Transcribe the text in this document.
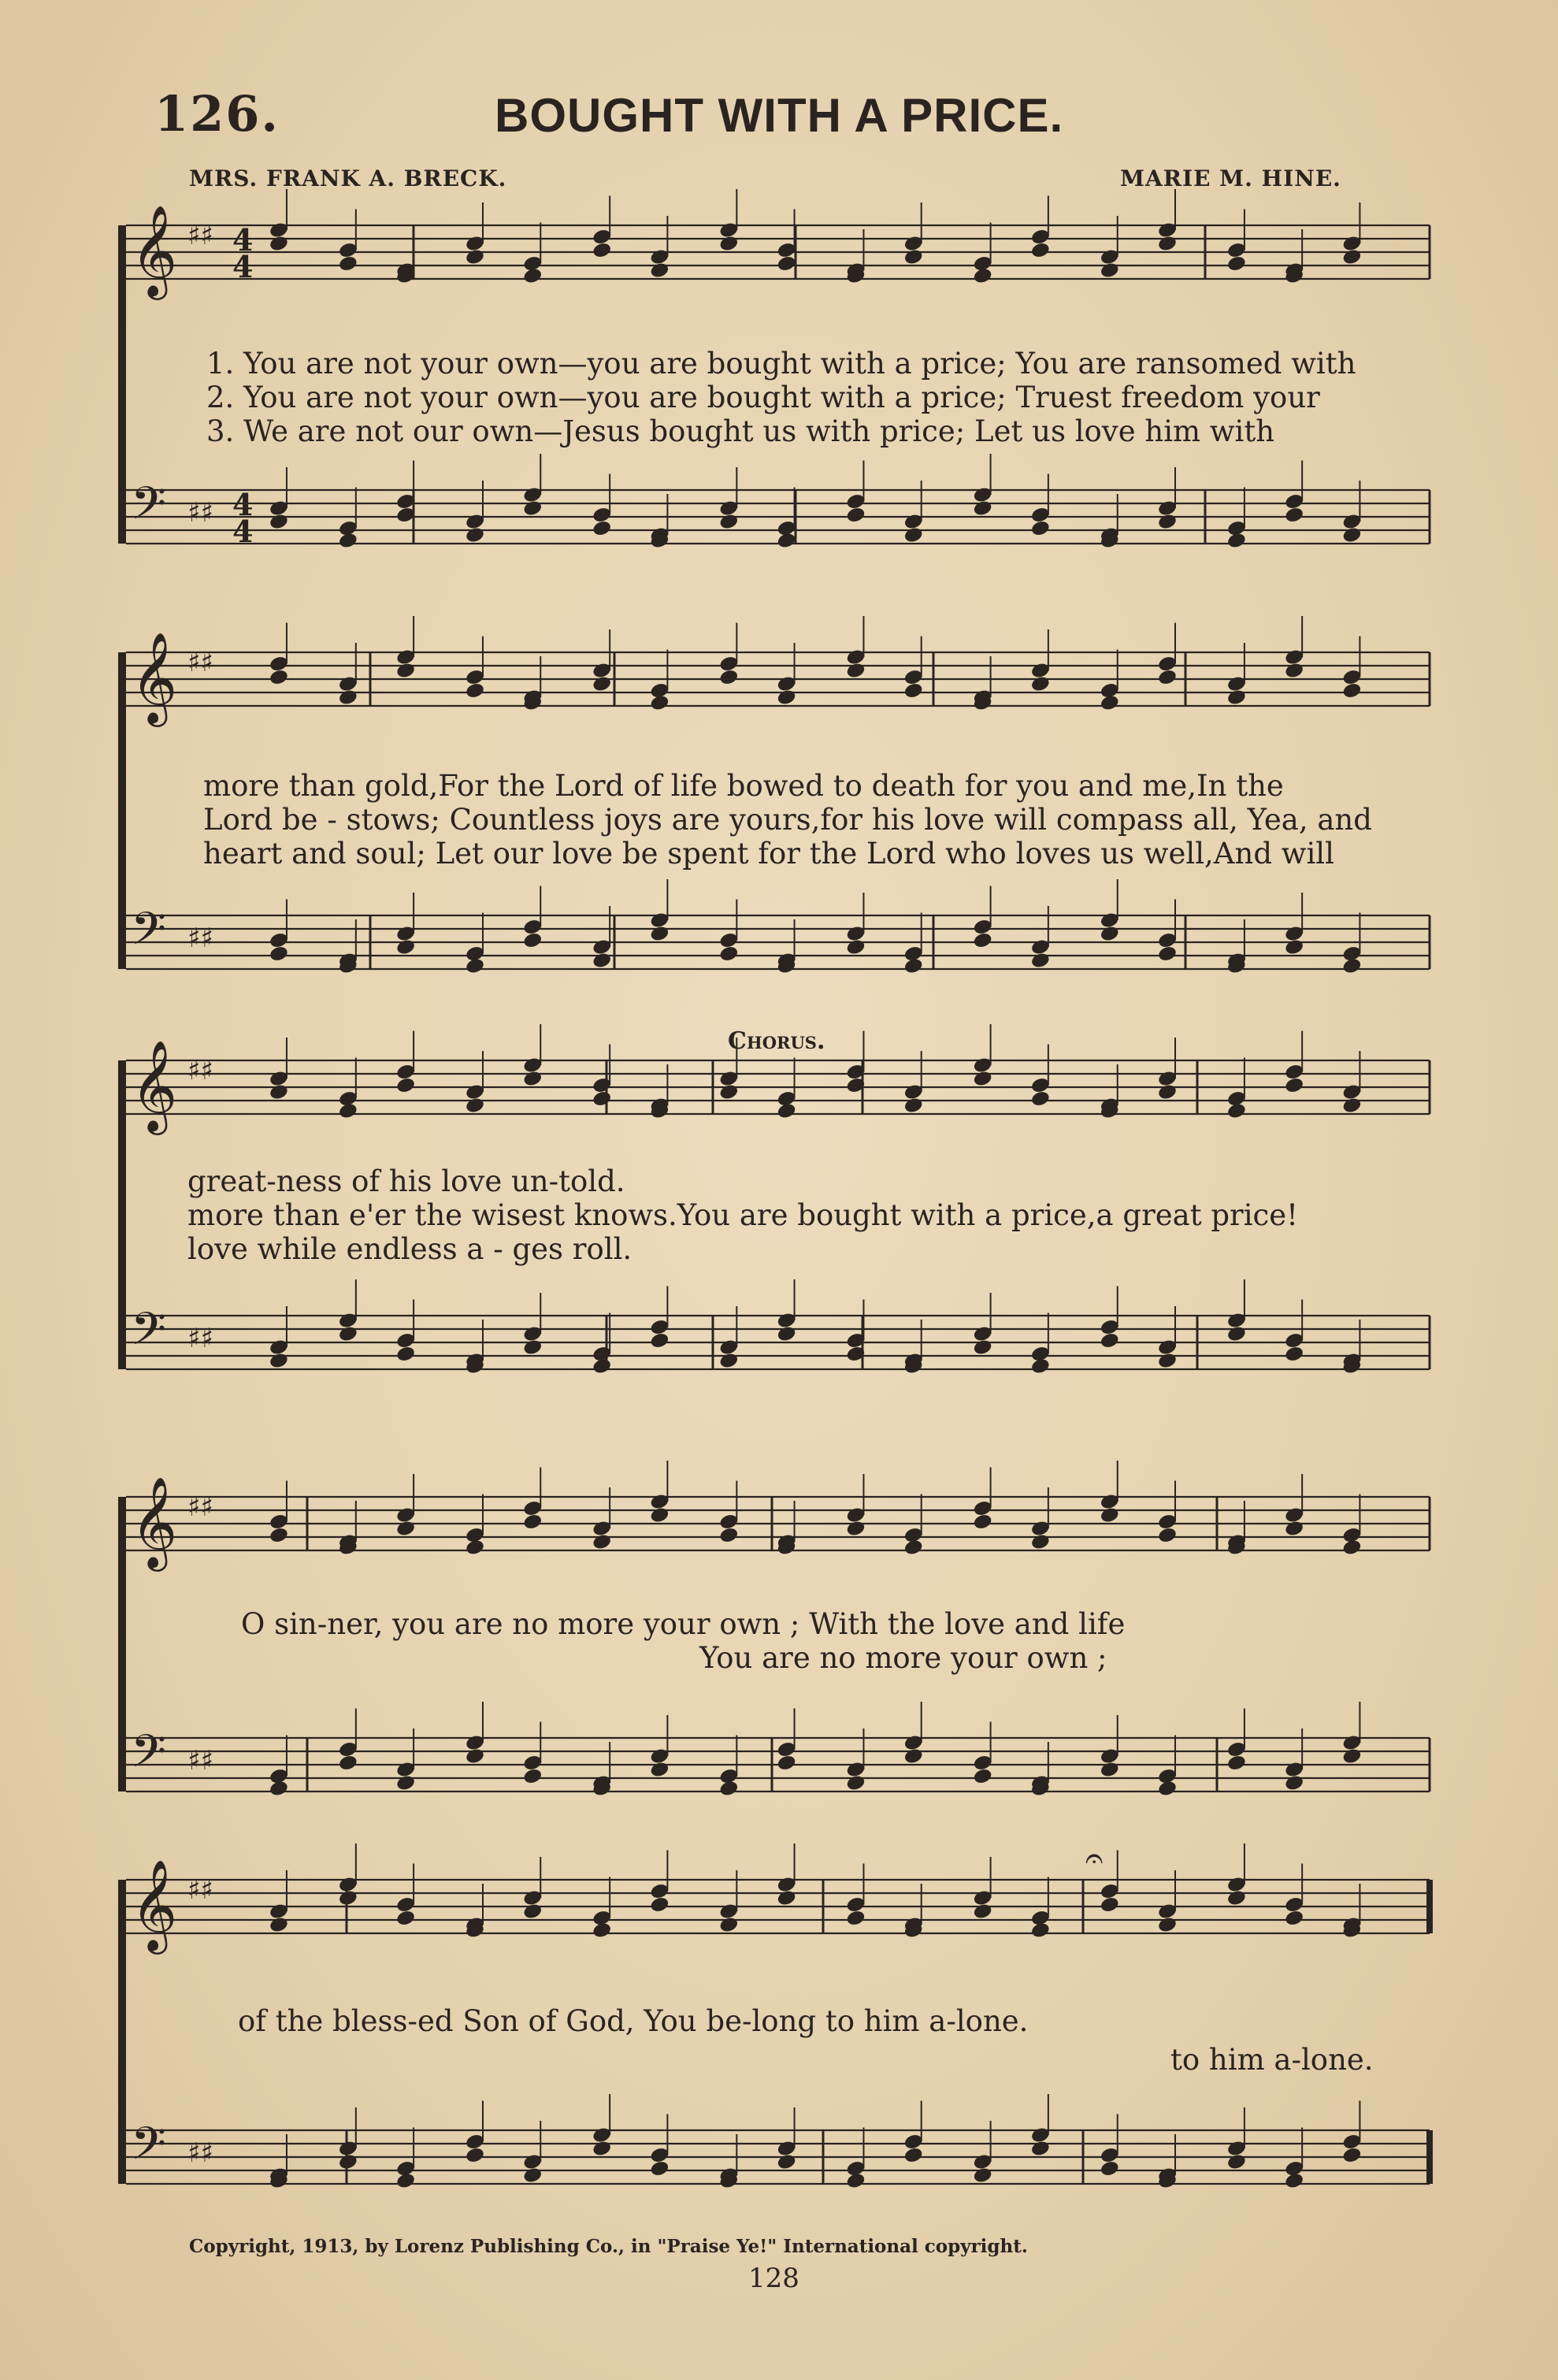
126.	BOUGHT WITH A PRICE.
MRS. FRANK A. BRECK.	MARIE M. HINE.
1. You are not your own—you are bought with a price; You are ransomed with
2. You are not your own—you are bought with a price; Truest freedom your
3. We are not our own—Jesus bought us with price; Let us love him with
more than gold,For the Lord of life bowed to death for you and me,In the
Lord be - stows; Countless joys are yours,for his love will compass all, Yea, and
heart and soul; Let our love be spent for the Lord who loves us well,And will
Chorus.
great-ness of his love un-told.
more than e'er the wisest knows.You are bought with a price,a great price!
love while endless a - ges roll.
O sin-ner, you are no more your own ; With the love and life
You are no more your own ;
of the bless-ed Son of God, You be-long to him a-lone.
to him a-lone.
Copyright, 1913, by Lorenz Publishing Co., in "Praise Ye!" International copyright.
128
𝄞 ♯♯
𝄢 ♯♯
𝄞 ♯♯
𝄢 ♯♯
𝄞 ♯♯
𝄢 ♯♯
𝄞 ♯♯
𝄢 ♯♯
𝄞 ♯♯
𝄢 ♯♯
4
4
4
4
𝄐
